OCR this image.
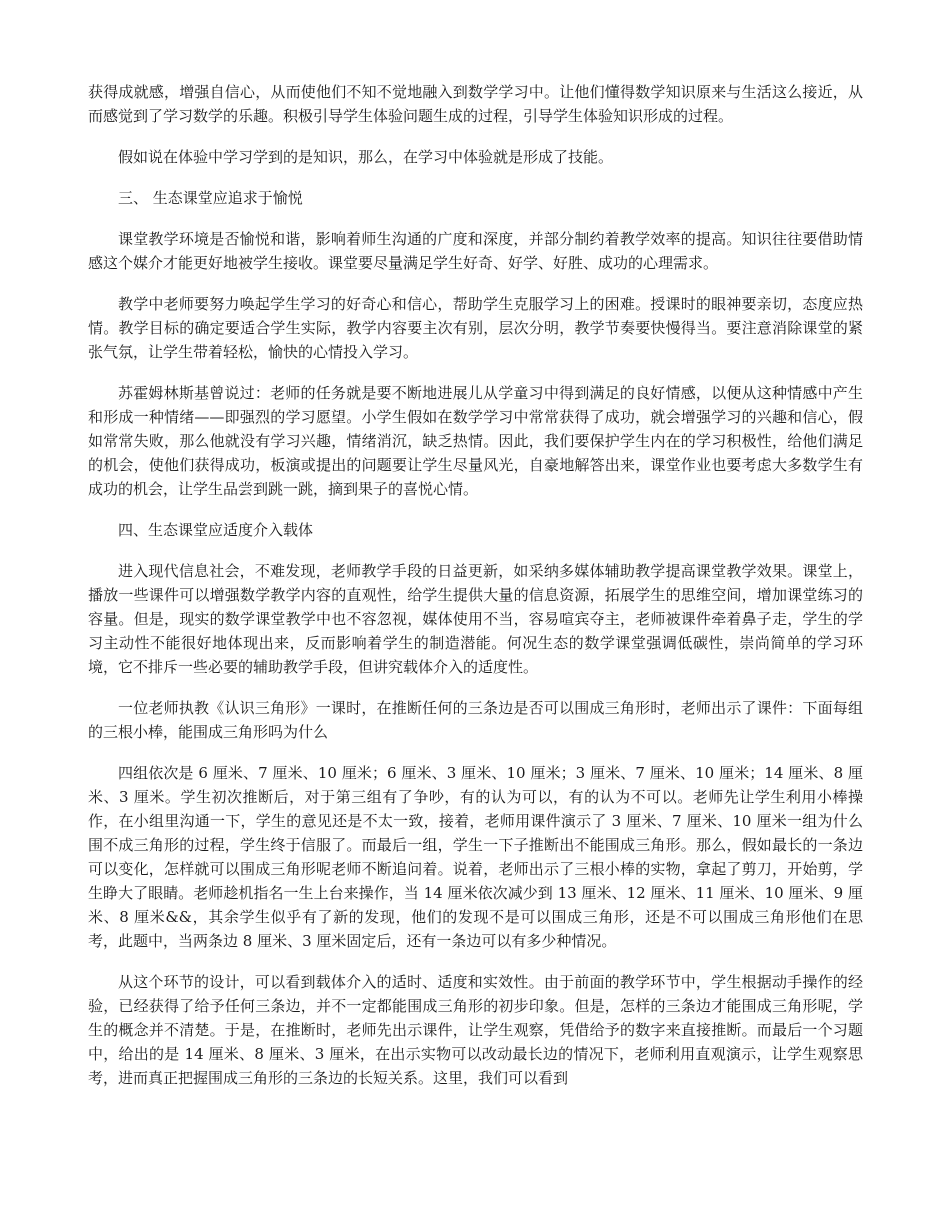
获得成就感，增强自信心，从而使他们不知不觉地融入到数学学习中。让他们懂得数学知识原来与生活这么接近，从而感觉到了学习数学的乐趣。积极引导学生体验问题生成的过程，引导学生体验知识形成的过程。

假如说在体验中学习学到的是知识，那么，在学习中体验就是形成了技能。

三、 生态课堂应追求于愉悦

课堂教学环境是否愉悦和谐，影响着师生沟通的广度和深度，并部分制约着教学效率的提高。知识往往要借助情感这个媒介才能更好地被学生接收。课堂要尽量满足学生好奇、好学、好胜、成功的心理需求。

教学中老师要努力唤起学生学习的好奇心和信心，帮助学生克服学习上的困难。授课时的眼神要亲切，态度应热情。教学目标的确定要适合学生实际，教学内容要主次有别，层次分明，教学节奏要快慢得当。要注意消除课堂的紧张气氛，让学生带着轻松，愉快的心情投入学习。

苏霍姆林斯基曾说过：老师的任务就是要不断地进展儿从学童习中得到满足的良好情感，以便从这种情感中产生和形成一种情绪——即强烈的学习愿望。小学生假如在数学学习中常常获得了成功，就会增强学习的兴趣和信心，假如常常失败，那么他就没有学习兴趣，情绪消沉，缺乏热情。因此，我们要保护学生内在的学习积极性，给他们满足的机会，使他们获得成功，板演或提出的问题要让学生尽量风光，自豪地解答出来，课堂作业也要考虑大多数学生有成功的机会，让学生品尝到跳一跳，摘到果子的喜悦心情。

四、生态课堂应适度介入载体

进入现代信息社会，不难发现，老师教学手段的日益更新，如采纳多媒体辅助教学提高课堂教学效果。课堂上，播放一些课件可以增强数学教学内容的直观性，给学生提供大量的信息资源，拓展学生的思维空间，增加课堂练习的容量。但是，现实的数学课堂教学中也不容忽视，媒体使用不当，容易喧宾夺主，老师被课件牵着鼻子走，学生的学习主动性不能很好地体现出来，反而影响着学生的制造潜能。何况生态的数学课堂强调低碳性，崇尚简单的学习环境，它不排斥一些必要的辅助教学手段，但讲究载体介入的适度性。

一位老师执教《认识三角形》一课时，在推断任何的三条边是否可以围成三角形时，老师出示了课件：下面每组的三根小棒，能围成三角形吗为什么

四组依次是 6 厘米、7 厘米、10 厘米；6 厘米、3 厘米、10 厘米；3 厘米、7 厘米、10 厘米；14 厘米、8 厘米、3 厘米。学生初次推断后，对于第三组有了争吵，有的认为可以，有的认为不可以。老师先让学生利用小棒操作，在小组里沟通一下，学生的意见还是不太一致，接着，老师用课件演示了 3 厘米、7 厘米、10 厘米一组为什么围不成三角形的过程，学生终于信服了。而最后一组，学生一下子推断出不能围成三角形。那么，假如最长的一条边可以变化，怎样就可以围成三角形呢老师不断追问着。说着，老师出示了三根小棒的实物，拿起了剪刀，开始剪，学生睁大了眼睛。老师趁机指名一生上台来操作，当 14 厘米依次减少到 13 厘米、12 厘米、11 厘米、10 厘米、9 厘米、8 厘米&&，其余学生似乎有了新的发现，他们的发现不是可以围成三角形，还是不可以围成三角形他们在思考，此题中，当两条边 8 厘米、3 厘米固定后，还有一条边可以有多少种情况。

从这个环节的设计，可以看到载体介入的适时、适度和实效性。由于前面的教学环节中，学生根据动手操作的经验，已经获得了给予任何三条边，并不一定都能围成三角形的初步印象。但是，怎样的三条边才能围成三角形呢，学生的概念并不清楚。于是，在推断时，老师先出示课件，让学生观察，凭借给予的数字来直接推断。而最后一个习题中，给出的是 14 厘米、8 厘米、3 厘米，在出示实物可以改动最长边的情况下，老师利用直观演示，让学生观察思考，进而真正把握围成三角形的三条边的长短关系。这里，我们可以看到
